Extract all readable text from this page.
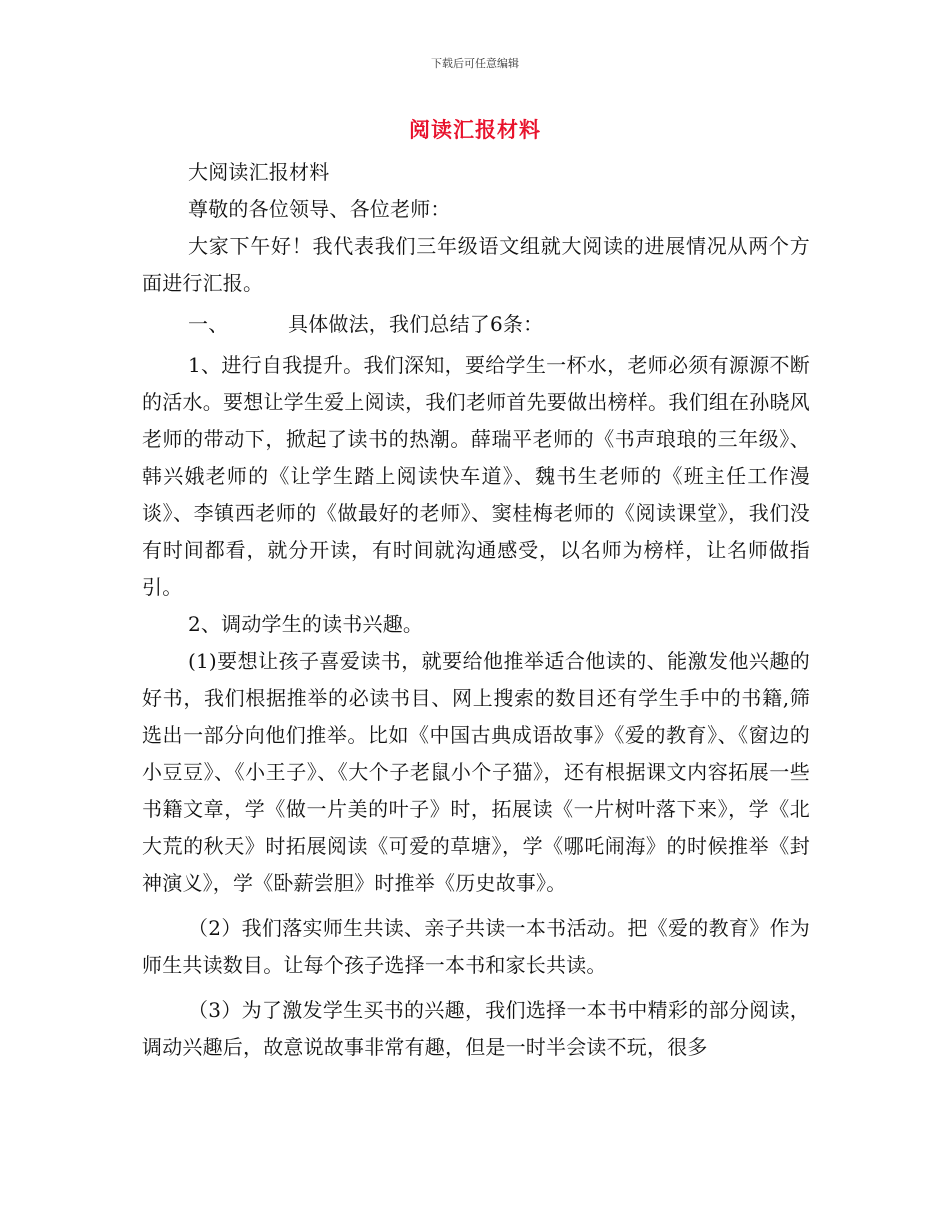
下载后可任意编辑
阅读汇报材料

大阅读汇报材料

尊敬的各位领导、各位老师：

大家下午好！我代表我们三年级语文组就大阅读的进展情况从两个方面进行汇报。

一、	具体做法，我们总结了6条：

1、进行自我提升。我们深知，要给学生一杯水，老师必须有源源不断的活水。要想让学生爱上阅读，我们老师首先要做出榜样。我们组在孙晓风老师的带动下，掀起了读书的热潮。薛瑞平老师的《书声琅琅的三年级》、韩兴娥老师的《让学生踏上阅读快车道》、魏书生老师的《班主任工作漫谈》、李镇西老师的《做最好的老师》、窦桂梅老师的《阅读课堂》，我们没有时间都看，就分开读，有时间就沟通感受，以名师为榜样，让名师做指引。

2、调动学生的读书兴趣。

(1)要想让孩子喜爱读书，就要给他推举适合他读的、能激发他兴趣的好书，我们根据推举的必读书目、网上搜索的数目还有学生手中的书籍,筛选出一部分向他们推举。比如《中国古典成语故事》《爱的教育》、《窗边的小豆豆》、《小王子》、《大个子老鼠小个子猫》，还有根据课文内容拓展一些书籍文章，学《做一片美的叶子》时，拓展读《一片树叶落下来》，学《北大荒的秋天》时拓展阅读《可爱的草塘》，学《哪吒闹海》的时候推举《封神演义》，学《卧薪尝胆》时推举《历史故事》。

（2）我们落实师生共读、亲子共读一本书活动。把《爱的教育》作为师生共读数目。让每个孩子选择一本书和家长共读。

（3）为了激发学生买书的兴趣，我们选择一本书中精彩的部分阅读，调动兴趣后，故意说故事非常有趣，但是一时半会读不玩，很多
